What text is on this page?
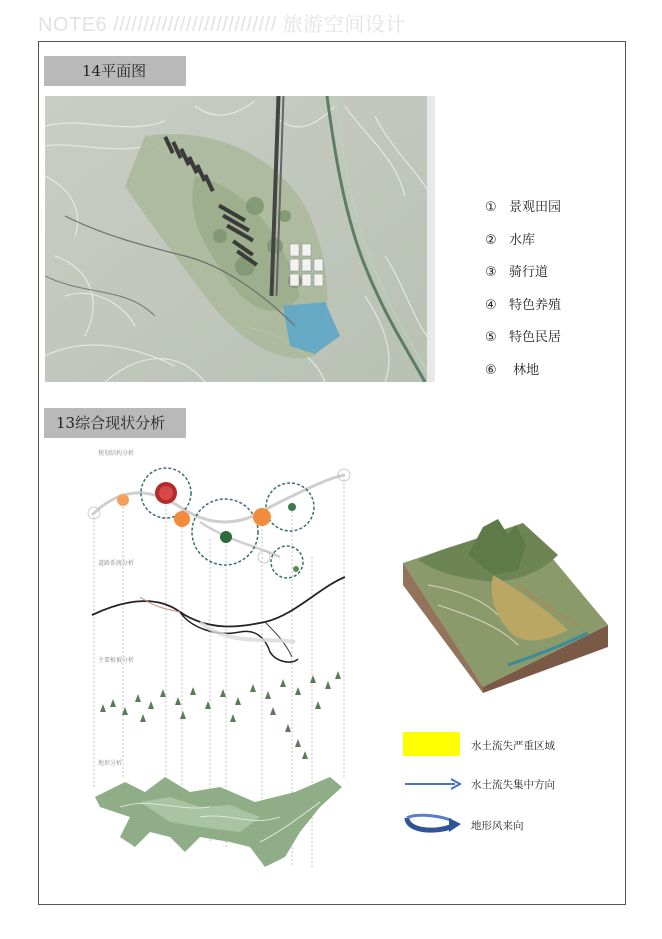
NOTE6 /////////////////////////// 旅游空间设计
14平面图
① 景观田园
② 水库
③ 骑行道
④ 特色养殖
⑤ 特色民居
⑥ 林地
13综合现状分析
规划结构分析
道路系统分析
主要植被分析
地形分析
水土流失严重区域
水土流失集中方向
地形风来向
